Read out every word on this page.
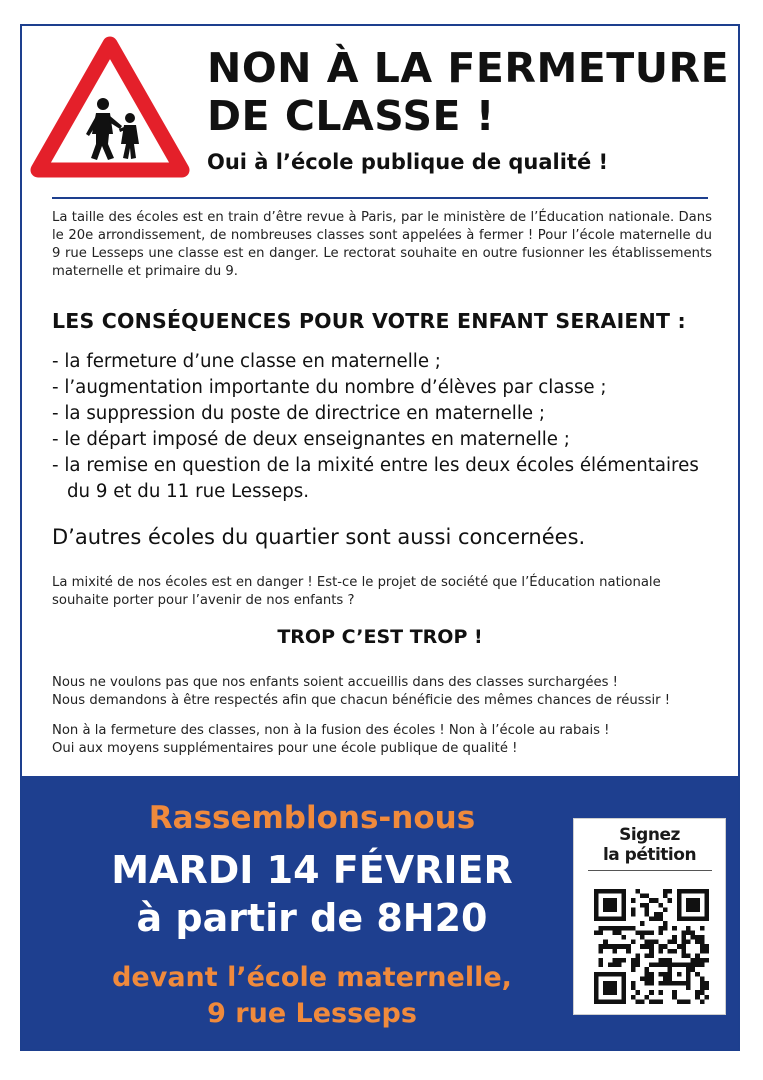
NON À LA FERMETURE
DE CLASSE !

Oui à l’école publique de qualité !

La taille des écoles est en train d’être revue à Paris, par le ministère de l’Éducation nationale. Dans le 20e arrondissement, de nombreuses classes sont appelées à fermer ! Pour l’école maternelle du 9 rue Lesseps une classe est en danger. Le rectorat souhaite en outre fusionner les établissements maternelle et primaire du 9.

LES CONSÉQUENCES POUR VOTRE ENFANT SERAIENT :
- la fermeture d’une classe en maternelle ;
- l’augmentation importante du nombre d’élèves par classe ;
- la suppression du poste de directrice en maternelle ;
- le départ imposé de deux enseignantes en maternelle ;
- la remise en question de la mixité entre les deux écoles élémentaires du 9 et du 11 rue Lesseps.

D’autres écoles du quartier sont aussi concernées.

La mixité de nos écoles est en danger ! Est-ce le projet de société que l’Éducation nationale
souhaite porter pour l’avenir de nos enfants ?

TROP C’EST TROP !

Nous ne voulons pas que nos enfants soient accueillis dans des classes surchargées !
Nous demandons à être respectés afin que chacun bénéficie des mêmes chances de réussir !

Non à la fermeture des classes, non à la fusion des écoles ! Non à l’école au rabais !
Oui aux moyens supplémentaires pour une école publique de qualité !

Rassemblons-nous

MARDI 14 FÉVRIER
à partir de 8H20

devant l’école maternelle,
9 rue Lesseps

Signez
la pétition
